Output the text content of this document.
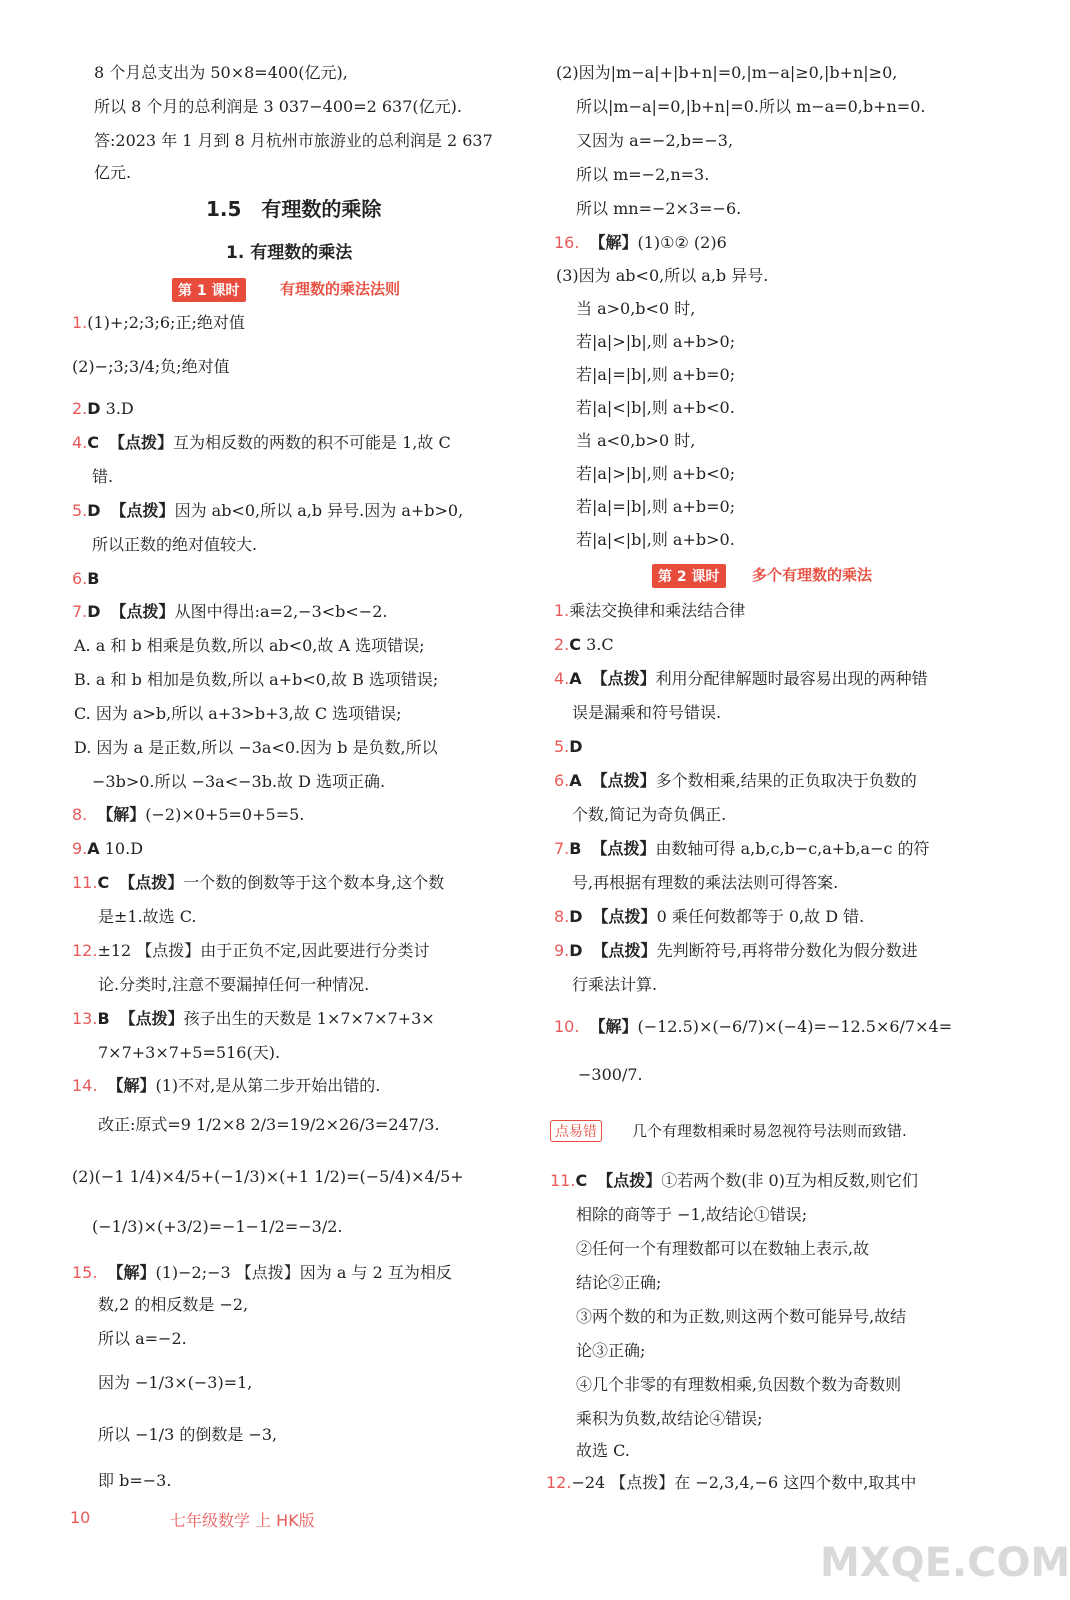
8 个月总支出为 50×8=400(亿元),
所以 8 个月的总利润是 3 037−400=2 637(亿元).
答:2023 年 1 月到 8 月杭州市旅游业的总利润是 2 637
亿元.
1.(1)+;2;3;6;正;绝对值
(2)−;3;3/4;负;绝对值
2.D 3.D
4.C 【点拨】互为相反数的两数的积不可能是 1,故 C
错.
5.D 【点拨】因为 ab<0,所以 a,b 异号.因为 a+b>0,
所以正数的绝对值较大.
6.B
7.D 【点拨】从图中得出:a=2,−3<b<−2.
A. a 和 b 相乘是负数,所以 ab<0,故 A 选项错误;
B. a 和 b 相加是负数,所以 a+b<0,故 B 选项错误;
C. 因为 a>b,所以 a+3>b+3,故 C 选项错误;
D. 因为 a 是正数,所以 −3a<0.因为 b 是负数,所以
−3b>0.所以 −3a<−3b.故 D 选项正确.
8. 【解】(−2)×0+5=0+5=5.
9.A 10.D
11.C 【点拨】一个数的倒数等于这个数本身,这个数
是±1.故选 C.
12.±12 【点拨】由于正负不定,因此要进行分类讨
论.分类时,注意不要漏掉任何一种情况.
13.B 【点拨】孩子出生的天数是 1×7×7×7+3×
7×7+3×7+5=516(天).
14. 【解】(1)不对,是从第二步开始出错的.
改正:原式=9 1/2×8 2/3=19/2×26/3=247/3.
(2)(−1 1/4)×4/5+(−1/3)×(+1 1/2)=(−5/4)×4/5+
(−1/3)×(+3/2)=−1−1/2=−3/2.
15. 【解】(1)−2;−3 【点拨】因为 a 与 2 互为相反
数,2 的相反数是 −2,
所以 a=−2.
因为 −1/3×(−3)=1,
所以 −1/3 的倒数是 −3,
即 b=−3.
(2)因为|m−a|+|b+n|=0,|m−a|≥0,|b+n|≥0,
所以|m−a|=0,|b+n|=0.所以 m−a=0,b+n=0.
又因为 a=−2,b=−3,
所以 m=−2,n=3.
所以 mn=−2×3=−6.
16. 【解】(1)①② (2)6
(3)因为 ab<0,所以 a,b 异号.
当 a>0,b<0 时,
若|a|>|b|,则 a+b>0;
若|a|=|b|,则 a+b=0;
若|a|<|b|,则 a+b<0.
当 a<0,b>0 时,
若|a|>|b|,则 a+b<0;
若|a|=|b|,则 a+b=0;
若|a|<|b|,则 a+b>0.
1.乘法交换律和乘法结合律
2.C 3.C
4.A 【点拨】利用分配律解题时最容易出现的两种错
误是漏乘和符号错误.
5.D
6.A 【点拨】多个数相乘,结果的正负取决于负数的
个数,简记为奇负偶正.
7.B 【点拨】由数轴可得 a,b,c,b−c,a+b,a−c 的符
号,再根据有理数的乘法法则可得答案.
8.D 【点拨】0 乘任何数都等于 0,故 D 错.
9.D 【点拨】先判断符号,再将带分数化为假分数进
行乘法计算.
10. 【解】(−12.5)×(−6/7)×(−4)=−12.5×6/7×4=
−300/7.
11.C 【点拨】①若两个数(非 0)互为相反数,则它们
相除的商等于 −1,故结论①错误;
②任何一个有理数都可以在数轴上表示,故
结论②正确;
③两个数的和为正数,则这两个数可能异号,故结
论③正确;
④几个非零的有理数相乘,负因数个数为奇数则
乘积为负数,故结论④错误;
故选 C.
12.−24 【点拨】在 −2,3,4,−6 这四个数中,取其中
1.5　有理数的乘除
1. 有理数的乘法
第 1 课时	有理数的乘法法则
第 2 课时	多个有理数的乘法
点易错	几个有理数相乘时易忽视符号法则而致错.
10	七年级数学 上 HK版
MXQE.COM
